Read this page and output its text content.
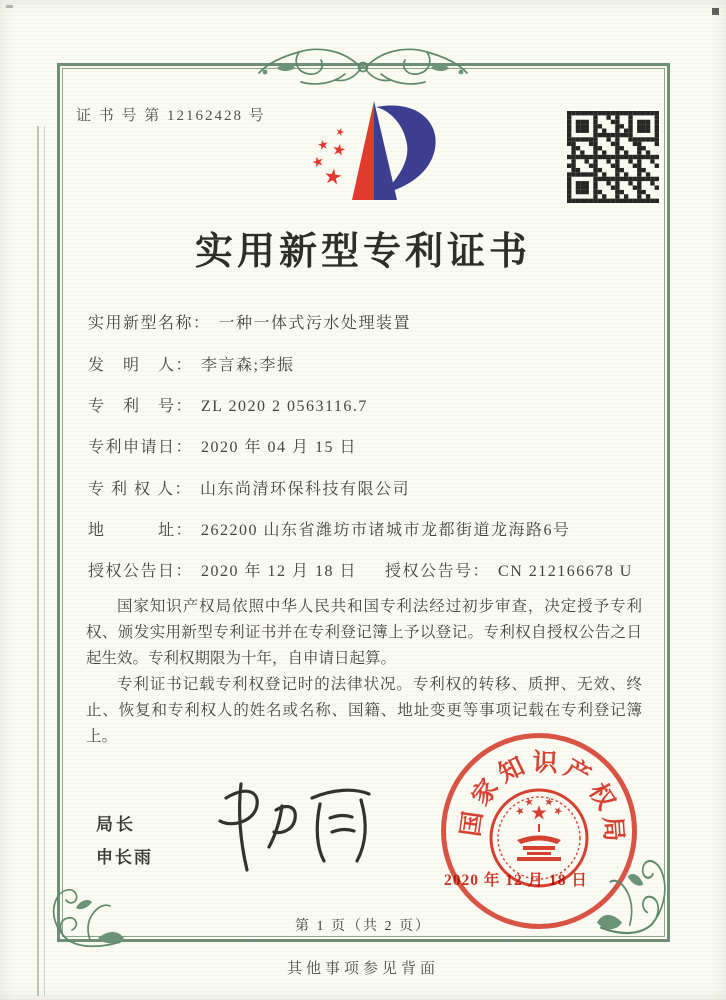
证 书 号 第 12162428 号
实用新型专利证书
实用新型名称： 一种一体式污水处理装置
发　明　人： 李言森;李振
专　利　号： ZL 2020 2 0563116.7
专利申请日： 2020 年 04 月 15 日
专 利 权 人： 山东尚清环保科技有限公司
地　　　址： 262200 山东省潍坊市诸城市龙都街道龙海路6号
授权公告日： 2020 年 12 月 18 日 授权公告号： CN 212166678 U

国家知识产权局依照中华人民共和国专利法经过初步审查，决定授予专利权、颁发实用新型专利证书并在专利登记簿上予以登记。专利权自授权公告之日起生效。专利权期限为十年，自申请日起算。

专利证书记载专利权登记时的法律状况。专利权的转移、质押、无效、终止、恢复和专利权人的姓名或名称、国籍、地址变更等事项记载在专利登记簿上。

局长
申长雨
国
家
知 识 产
权
局
2020 年 12 月 18 日
第 1 页（共 2 页）
其他事项参见背面
